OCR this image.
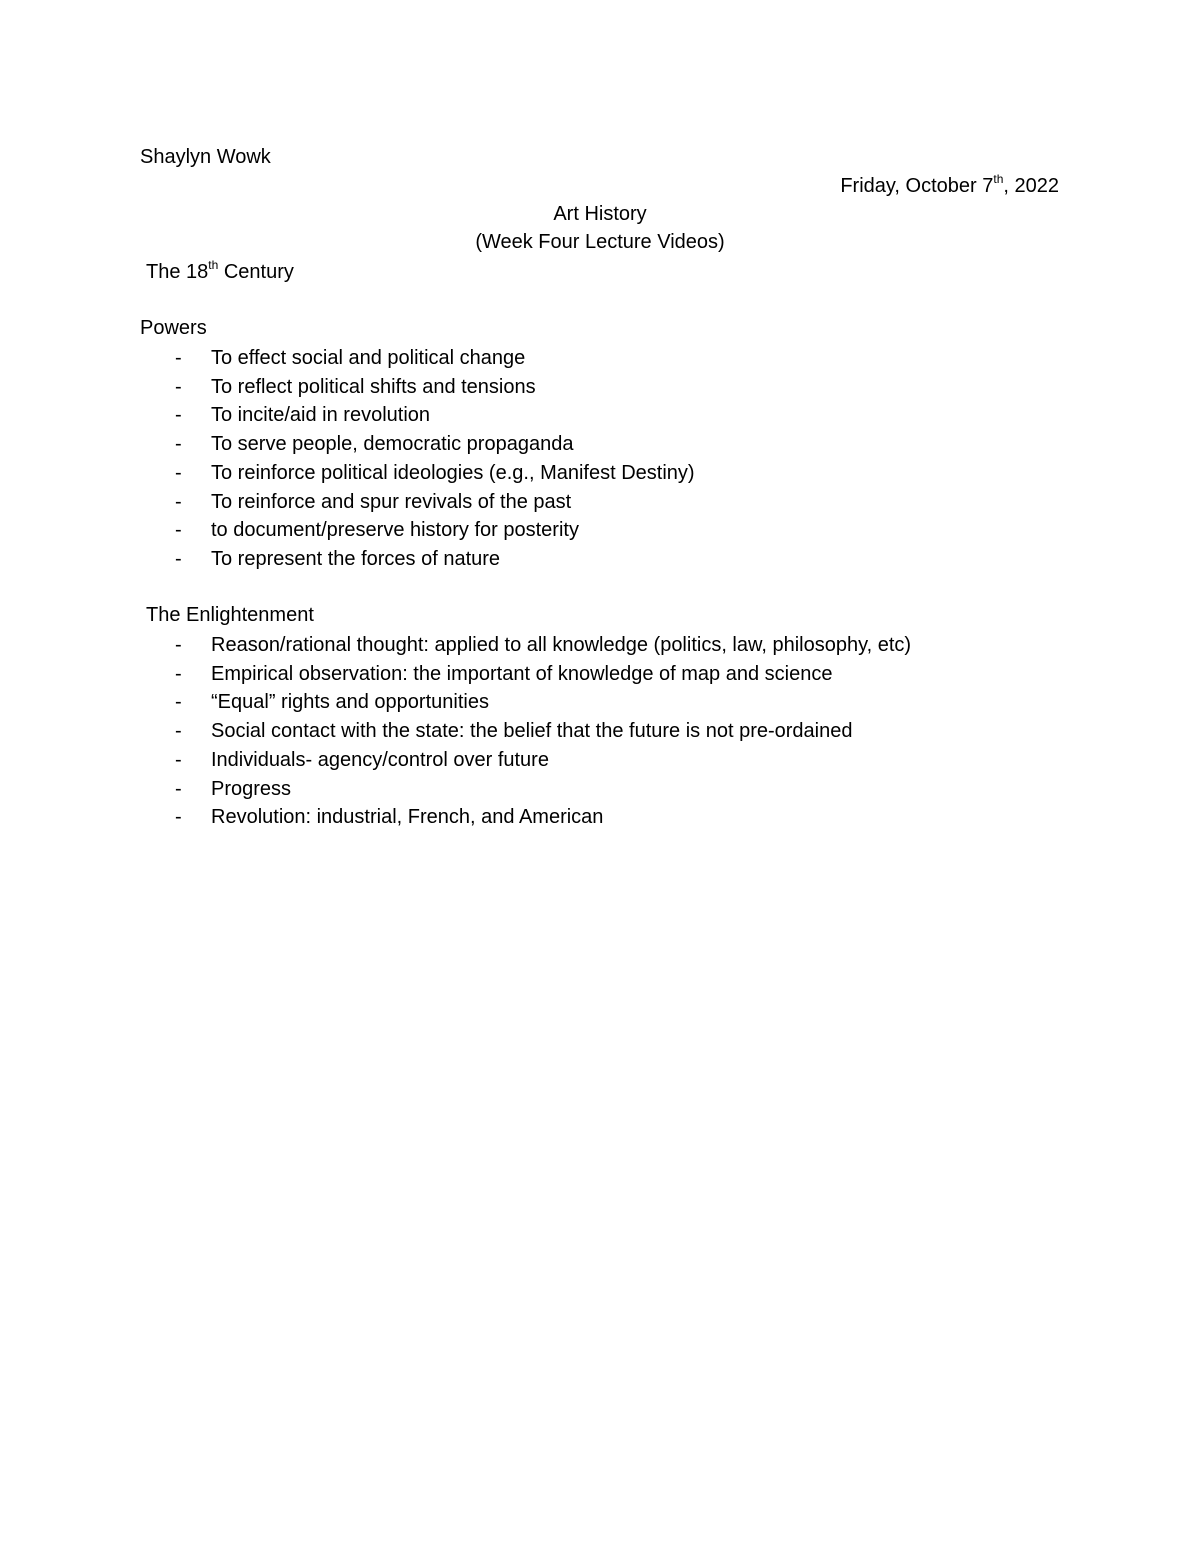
Shaylyn Wowk
Friday, October 7th, 2022
Art History
(Week Four Lecture Videos)
The 18th Century
Powers
- To effect social and political change
- To reflect political shifts and tensions
- To incite/aid in revolution
- To serve people, democratic propaganda
- To reinforce political ideologies (e.g., Manifest Destiny)
- To reinforce and spur revivals of the past
- to document/preserve history for posterity
- To represent the forces of nature
The Enlightenment
- Reason/rational thought: applied to all knowledge (politics, law, philosophy, etc)
- Empirical observation: the important of knowledge of map and science
- “Equal” rights and opportunities
- Social contact with the state: the belief that the future is not pre-ordained
- Individuals- agency/control over future
- Progress
- Revolution: industrial, French, and American
